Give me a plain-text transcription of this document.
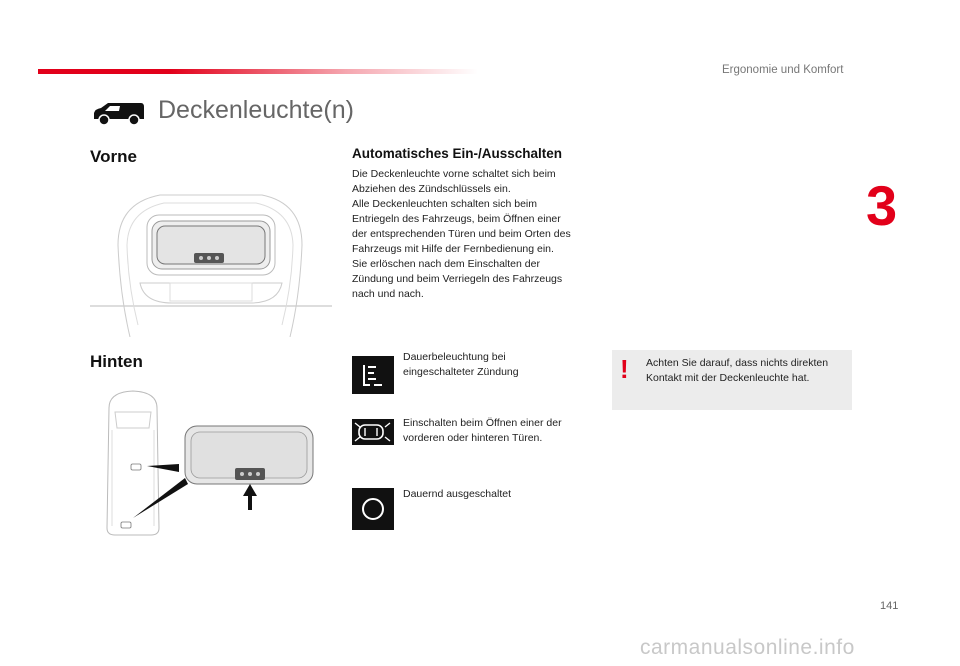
Ergonomie und Komfort
3
Deckenleuchte(n)
Vorne
Hinten
Automatisches Ein-/Ausschalten
Die Deckenleuchte vorne schaltet sich beim
Abziehen des Zündschlüssels ein.
Alle Deckenleuchten schalten sich beim
Entriegeln des Fahrzeugs, beim Öffnen einer
der entsprechenden Türen und beim Orten des
Fahrzeugs mit Hilfe der Fernbedienung ein.
Sie erlöschen nach dem Einschalten der
Zündung und beim Verriegeln des Fahrzeugs
nach und nach.
Dauerbeleuchtung bei
eingeschalteter Zündung
Einschalten beim Öffnen einer der
vorderen oder hinteren Türen.
Dauernd ausgeschaltet
! Achten Sie darauf, dass nichts direkten
Kontakt mit der Deckenleuchte hat.
141
carmanualsonline.info
